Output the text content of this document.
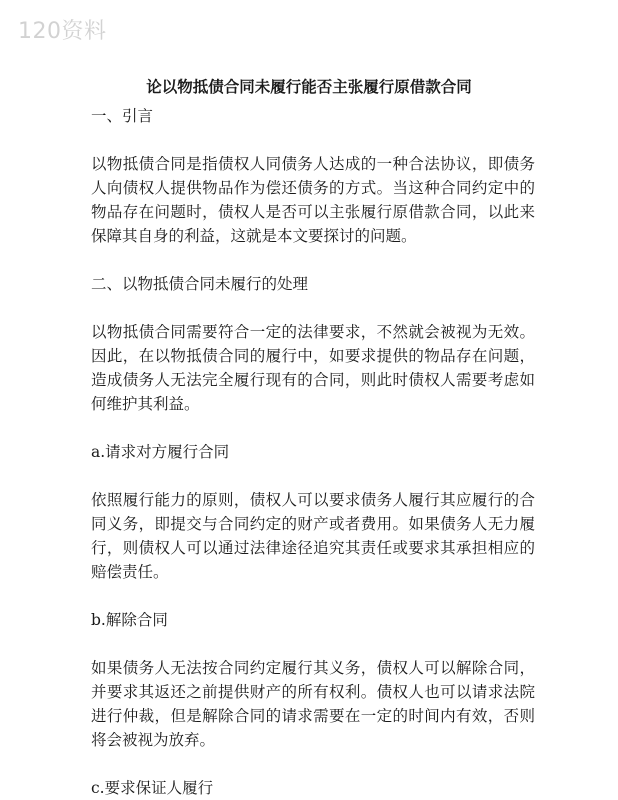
120资料
论以物抵债合同未履行能否主张履行原借款合同

一、引言

以物抵债合同是指债权人同债务人达成的一种合法协议，即债务人向债权人提供物品作为偿还债务的方式。当这种合同约定中的物品存在问题时，债权人是否可以主张履行原借款合同，以此来保障其自身的利益，这就是本文要探讨的问题。

二、以物抵债合同未履行的处理

以物抵债合同需要符合一定的法律要求，不然就会被视为无效。因此，在以物抵债合同的履行中，如要求提供的物品存在问题，造成债务人无法完全履行现有的合同，则此时债权人需要考虑如何维护其利益。

a.请求对方履行合同

依照履行能力的原则，债权人可以要求债务人履行其应履行的合同义务，即提交与合同约定的财产或者费用。如果债务人无力履行，则债权人可以通过法律途径追究其责任或要求其承担相应的赔偿责任。

b.解除合同

如果债务人无法按合同约定履行其义务，债权人可以解除合同，并要求其返还之前提供财产的所有权利。债权人也可以请求法院进行仲裁，但是解除合同的请求需要在一定的时间内有效，否则将会被视为放弃。

c.要求保证人履行
